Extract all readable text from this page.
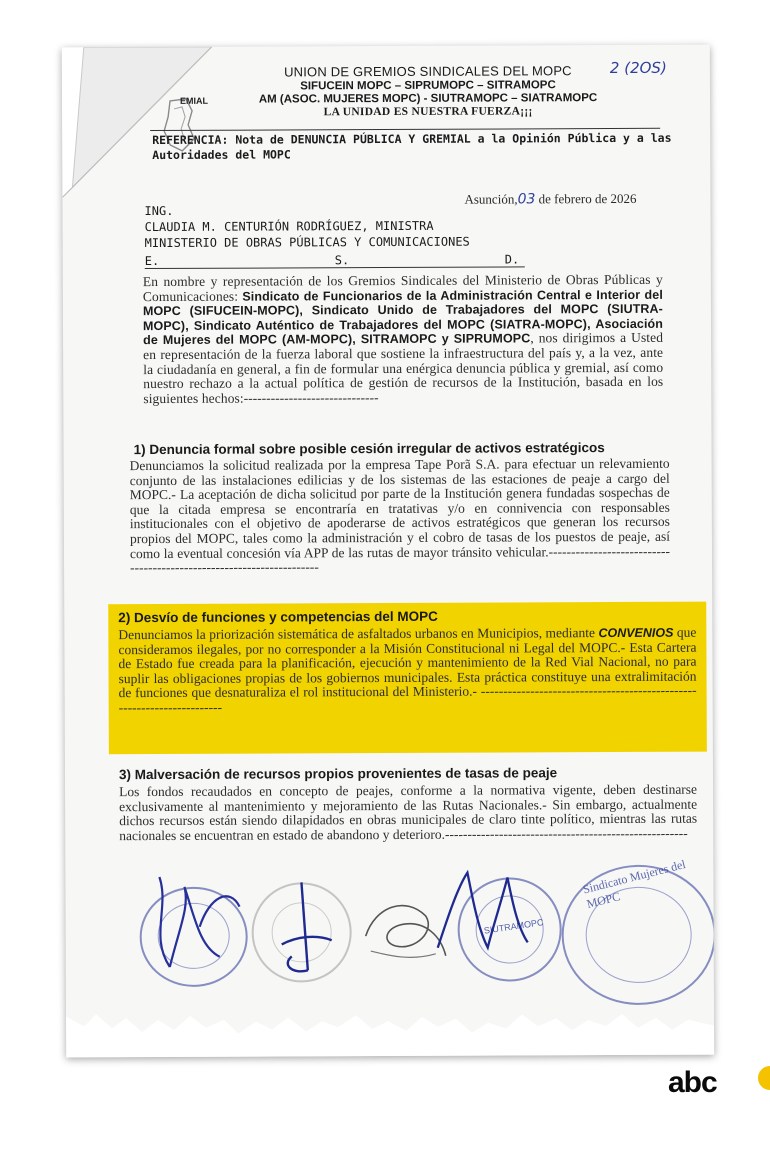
EMIAL
UNION DE GREMIOS SINDICALES DEL MOPC
SIFUCEIN MOPC – SIPRUMOPC – SITRAMOPC
AM (ASOC. MUJERES MOPC) - SIUTRAMOPC – SIATRAMOPC
LA UNIDAD ES NUESTRA FUERZA¡¡¡
2 (2OS)
REFERENCIA: Nota de DENUNCIA PÚBLICA Y GREMIAL a la Opinión Pública y a las Autoridades del MOPC
Asunción,03 de febrero de 2026
ING.
CLAUDIA M. CENTURIÓN RODRÍGUEZ, MINISTRA
MINISTERIO DE OBRAS PÚBLICAS Y COMUNICACIONES
E.	S.	D.
En nombre y representación de los Gremios Sindicales del Ministerio de Obras Públicas y Comunicaciones: Sindicato de Funcionarios de la Administración Central e Interior del MOPC (SIFUCEIN-MOPC), Sindicato Unido de Trabajadores del MOPC (SIUTRA-MOPC), Sindicato Auténtico de Trabajadores del MOPC (SIATRA-MOPC), Asociación de Mujeres del MOPC (AM-MOPC), SITRAMOPC y SIPRUMOPC, nos dirigimos a Usted en representación de la fuerza laboral que sostiene la infraestructura del país y, a la vez, ante la ciudadanía en general, a fin de formular una enérgica denuncia pública y gremial, así como nuestro rechazo a la actual política de gestión de recursos de la Institución, basada en los siguientes hechos:------------------------------
1) Denuncia formal sobre posible cesión irregular de activos estratégicos
Denunciamos la solicitud realizada por la empresa Tape Porã S.A. para efectuar un relevamiento conjunto de las instalaciones edilicias y de los sistemas de las estaciones de peaje a cargo del MOPC.- La aceptación de dicha solicitud por parte de la Institución genera fundadas sospechas de que la citada empresa se encontraría en tratativas y/o en connivencia con responsables institucionales con el objetivo de apoderarse de activos estratégicos que generan los recursos propios del MOPC, tales como la administración y el cobro de tasas de los puestos de peaje, así como la eventual concesión vía APP de las rutas de mayor tránsito vehicular.---------------------------------------------------------------------
2) Desvío de funciones y competencias del MOPC
Denunciamos la priorización sistemática de asfaltados urbanos en Municipios, mediante CONVENIOS que consideramos ilegales, por no corresponder a la Misión Constitucional ni Legal del MOPC.- Esta Cartera de Estado fue creada para la planificación, ejecución y mantenimiento de la Red Vial Nacional, no para suplir las obligaciones propias de los gobiernos municipales. Esta práctica constituye una extralimitación de funciones que desnaturaliza el rol institucional del Ministerio.- -----------------------------------------------------------------------
3) Malversación de recursos propios provenientes de tasas de peaje
Los fondos recaudados en concepto de peajes, conforme a la normativa vigente, deben destinarse exclusivamente al mantenimiento y mejoramiento de las Rutas Nacionales.- Sin embargo, actualmente dichos recursos están siendo dilapidados en obras municipales de claro tinte político, mientras las rutas nacionales se encuentran en estado de abandono y deterioro.------------------------------------------------------
SIUTRAMOPC
Sindicato Mujeres del MOPC
abc
